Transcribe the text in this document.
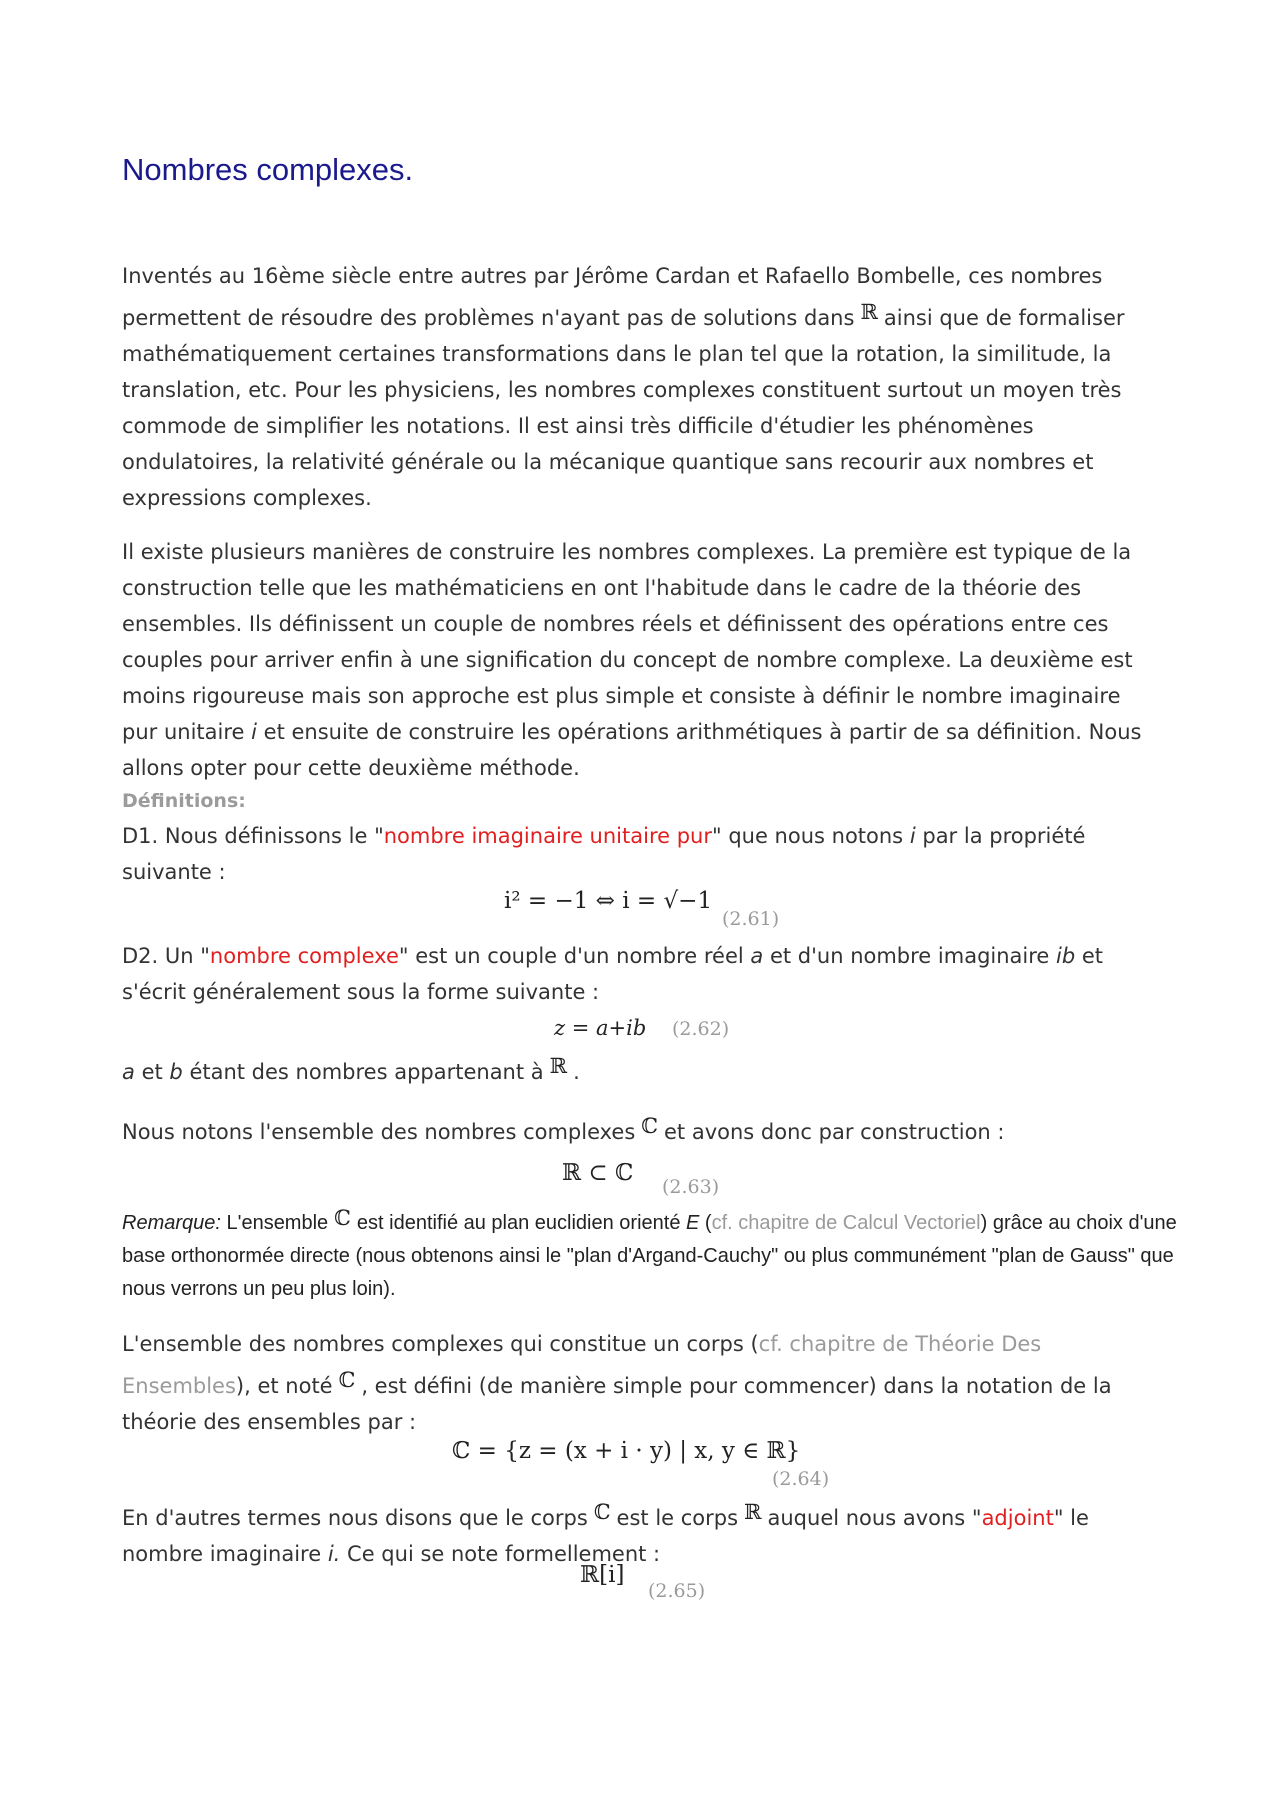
Nombres complexes.

Inventés au 16ème siècle entre autres par Jérôme Cardan et Rafaello Bombelle, ces nombres permettent de résoudre des problèmes n'ayant pas de solutions dans ℝ ainsi que de formaliser mathématiquement certaines transformations dans le plan tel que la rotation, la similitude, la translation, etc. Pour les physiciens, les nombres complexes constituent surtout un moyen très commode de simplifier les notations. Il est ainsi très difficile d'étudier les phénomènes ondulatoires, la relativité générale ou la mécanique quantique sans recourir aux nombres et expressions complexes.

Il existe plusieurs manières de construire les nombres complexes. La première est typique de la construction telle que les mathématiciens en ont l'habitude dans le cadre de la théorie des ensembles. Ils définissent un couple de nombres réels et définissent des opérations entre ces couples pour arriver enfin à une signification du concept de nombre complexe. La deuxième est moins rigoureuse mais son approche est plus simple et consiste à définir le nombre imaginaire pur unitaire i et ensuite de construire les opérations arithmétiques à partir de sa définition. Nous allons opter pour cette deuxième méthode.

Définitions:

D1. Nous définissons le "nombre imaginaire unitaire pur" que nous notons i par la propriété suivante :

i² = −1 ⇔ i = √−1
(2.61)

D2. Un "nombre complexe" est un couple d'un nombre réel a et d'un nombre imaginaire ib et s'écrit généralement sous la forme suivante :

z = a+ib (2.62)

a et b étant des nombres appartenant à ℝ .

Nous notons l'ensemble des nombres complexes ℂ et avons donc par construction :

ℝ ⊂ ℂ
(2.63)

Remarque: L'ensemble ℂ est identifié au plan euclidien orienté E (cf. chapitre de Calcul Vectoriel) grâce au choix d'une base orthonormée directe (nous obtenons ainsi le "plan d'Argand-Cauchy" ou plus communément "plan de Gauss" que nous verrons un peu plus loin).

L'ensemble des nombres complexes qui constitue un corps (cf. chapitre de Théorie Des Ensembles), et noté ℂ , est défini (de manière simple pour commencer) dans la notation de la théorie des ensembles par :

ℂ = {z = (x + i · y) | x, y ∈ ℝ}
(2.64)

En d'autres termes nous disons que le corps ℂ est le corps ℝ auquel nous avons "adjoint" le nombre imaginaire i. Ce qui se note formellement :

ℝ[i]
(2.65)
